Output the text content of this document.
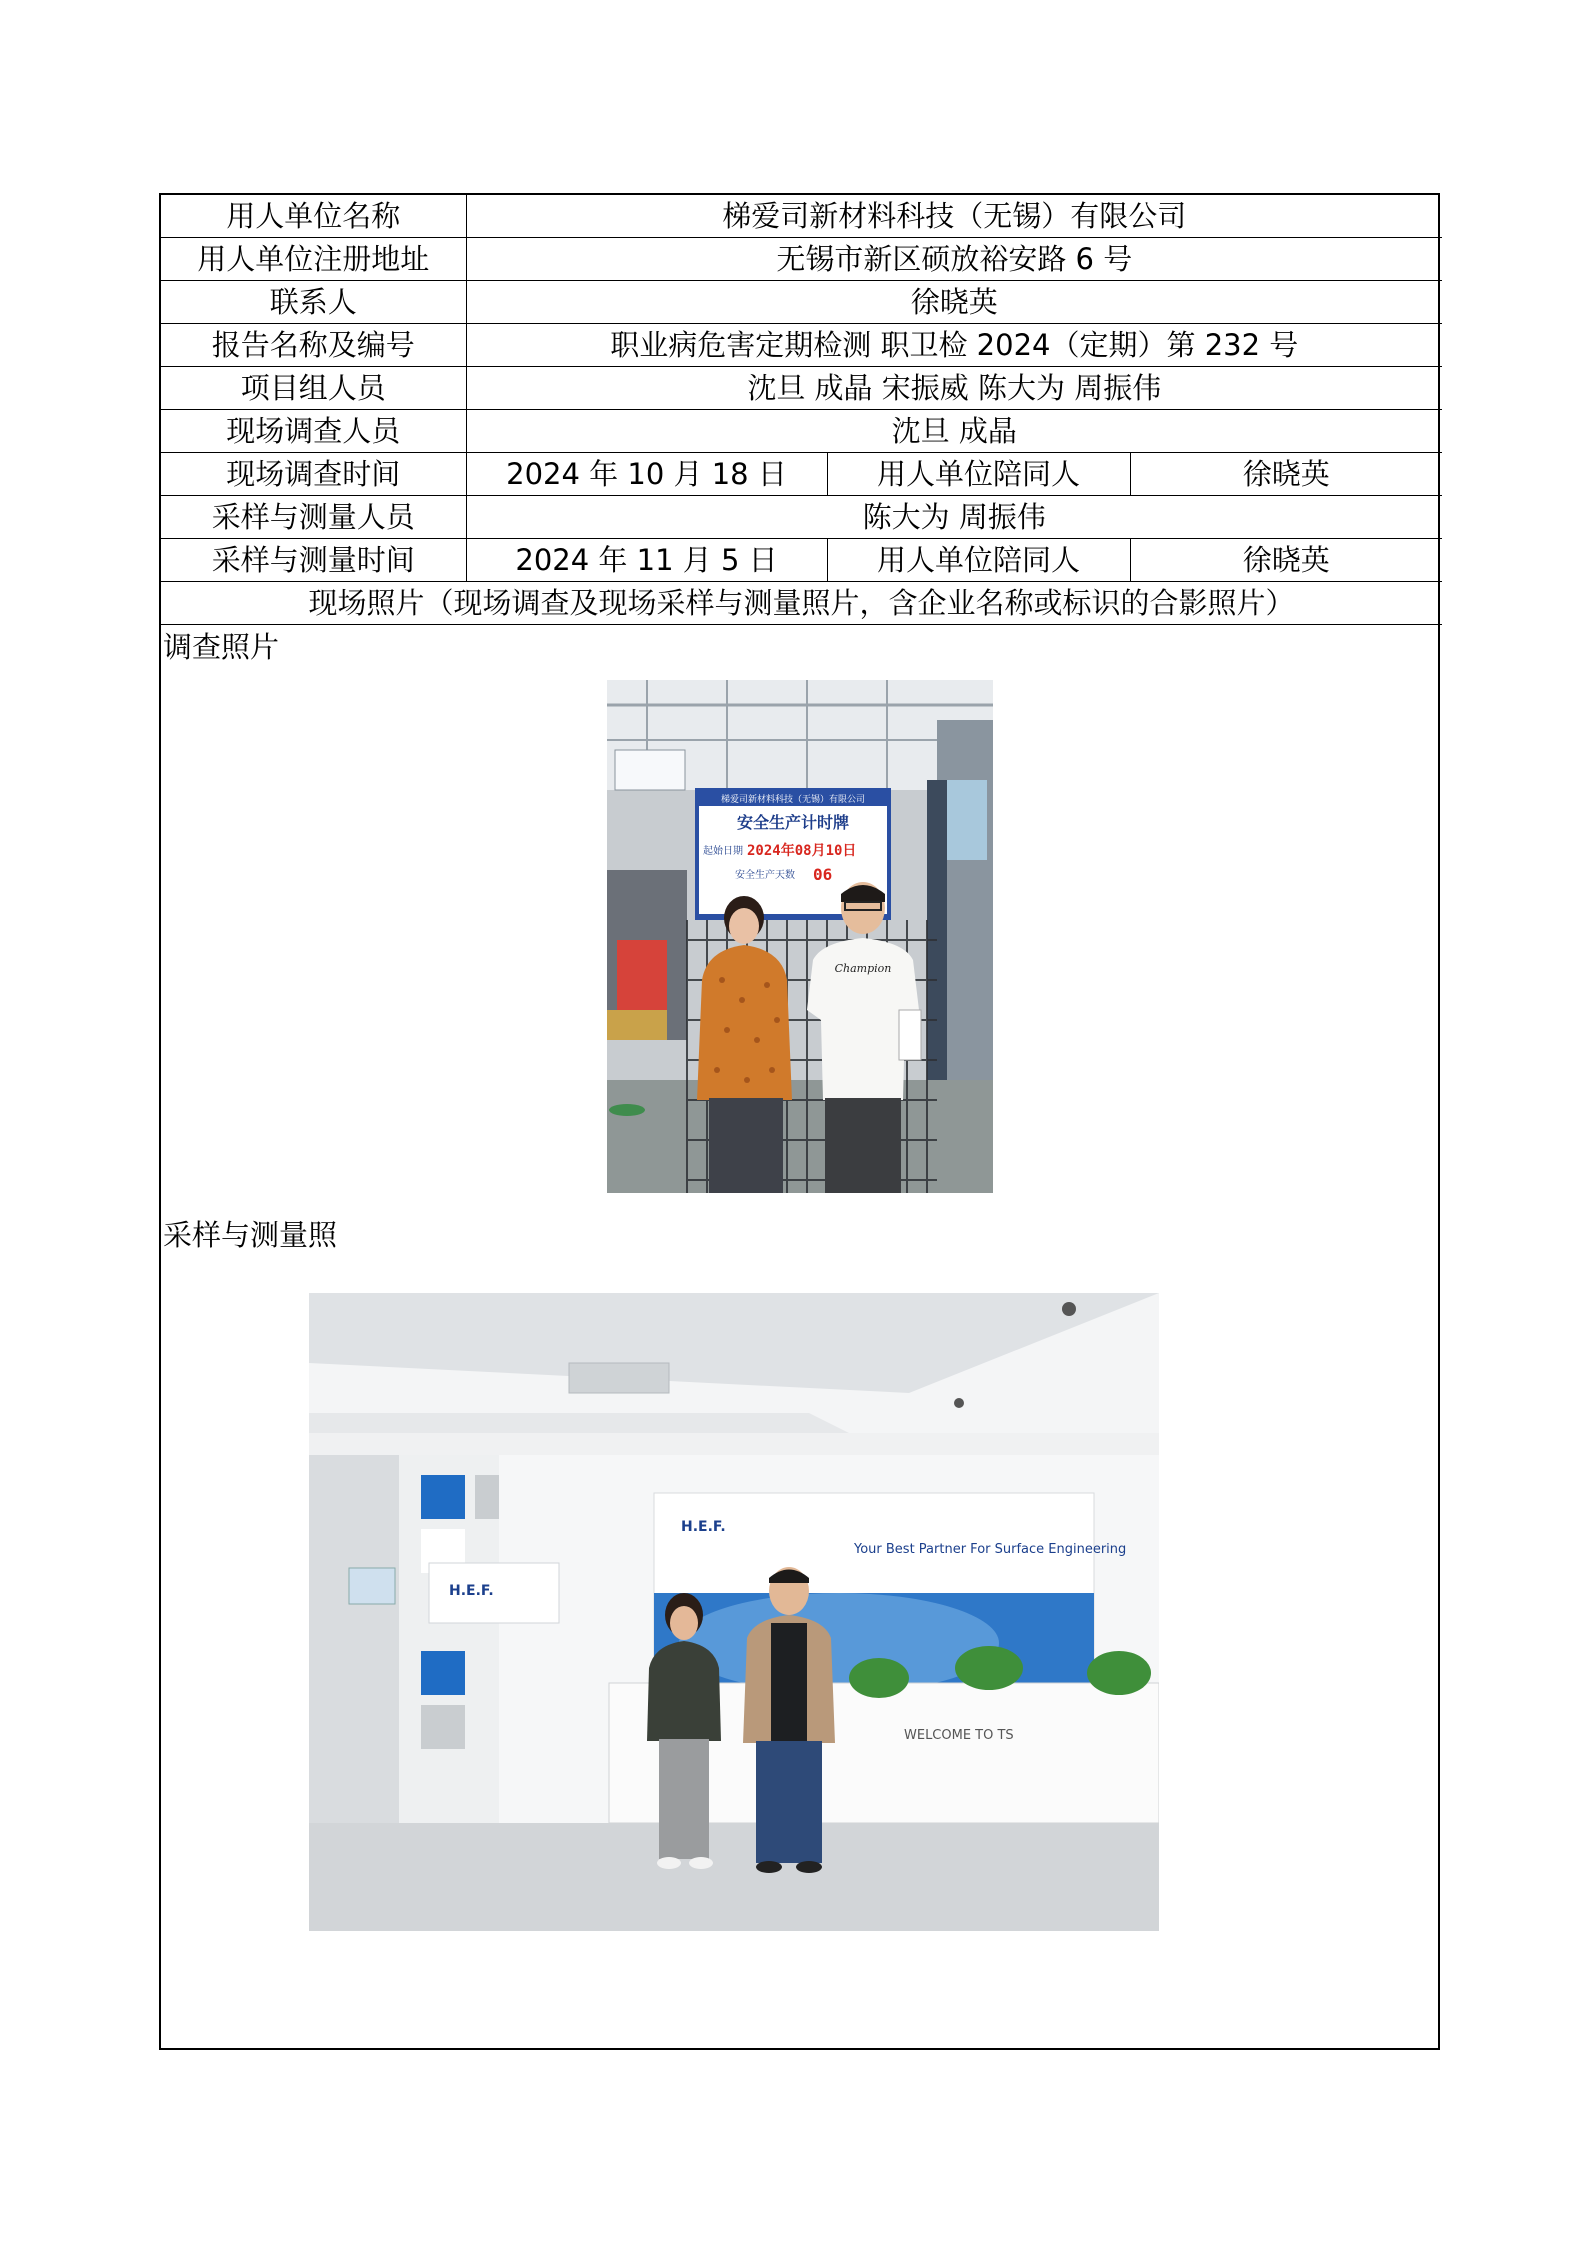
用人单位名称	梯爱司新材料科技（无锡）有限公司		
用人单位注册地址	无锡市新区硕放裕安路 6 号		
联系人	徐晓英		
报告名称及编号	职业病危害定期检测 职卫检 2024（定期）第 232 号		
项目组人员	沈旦 成晶 宋振威 陈大为 周振伟		
现场调查人员	沈旦 成晶		
现场调查时间	2024 年 10 月 18 日	用人单位陪同人	徐晓英
采样与测量人员	陈大为 周振伟		
采样与测量时间	2024 年 11 月 5 日	用人单位陪同人	徐晓英
现场照片（现场调查及现场采样与测量照片，含企业名称或标识的合影照片）			
调查照片
梯爱司新材料科技（无锡）有限公司
安全生产计时牌
起始日期 2024年08月10日
安全生产天数 06
Champion
采样与测量照
H.E.F.
H.E.F.
Your Best Partner For Surface Engineering
WELCOME TO TS
